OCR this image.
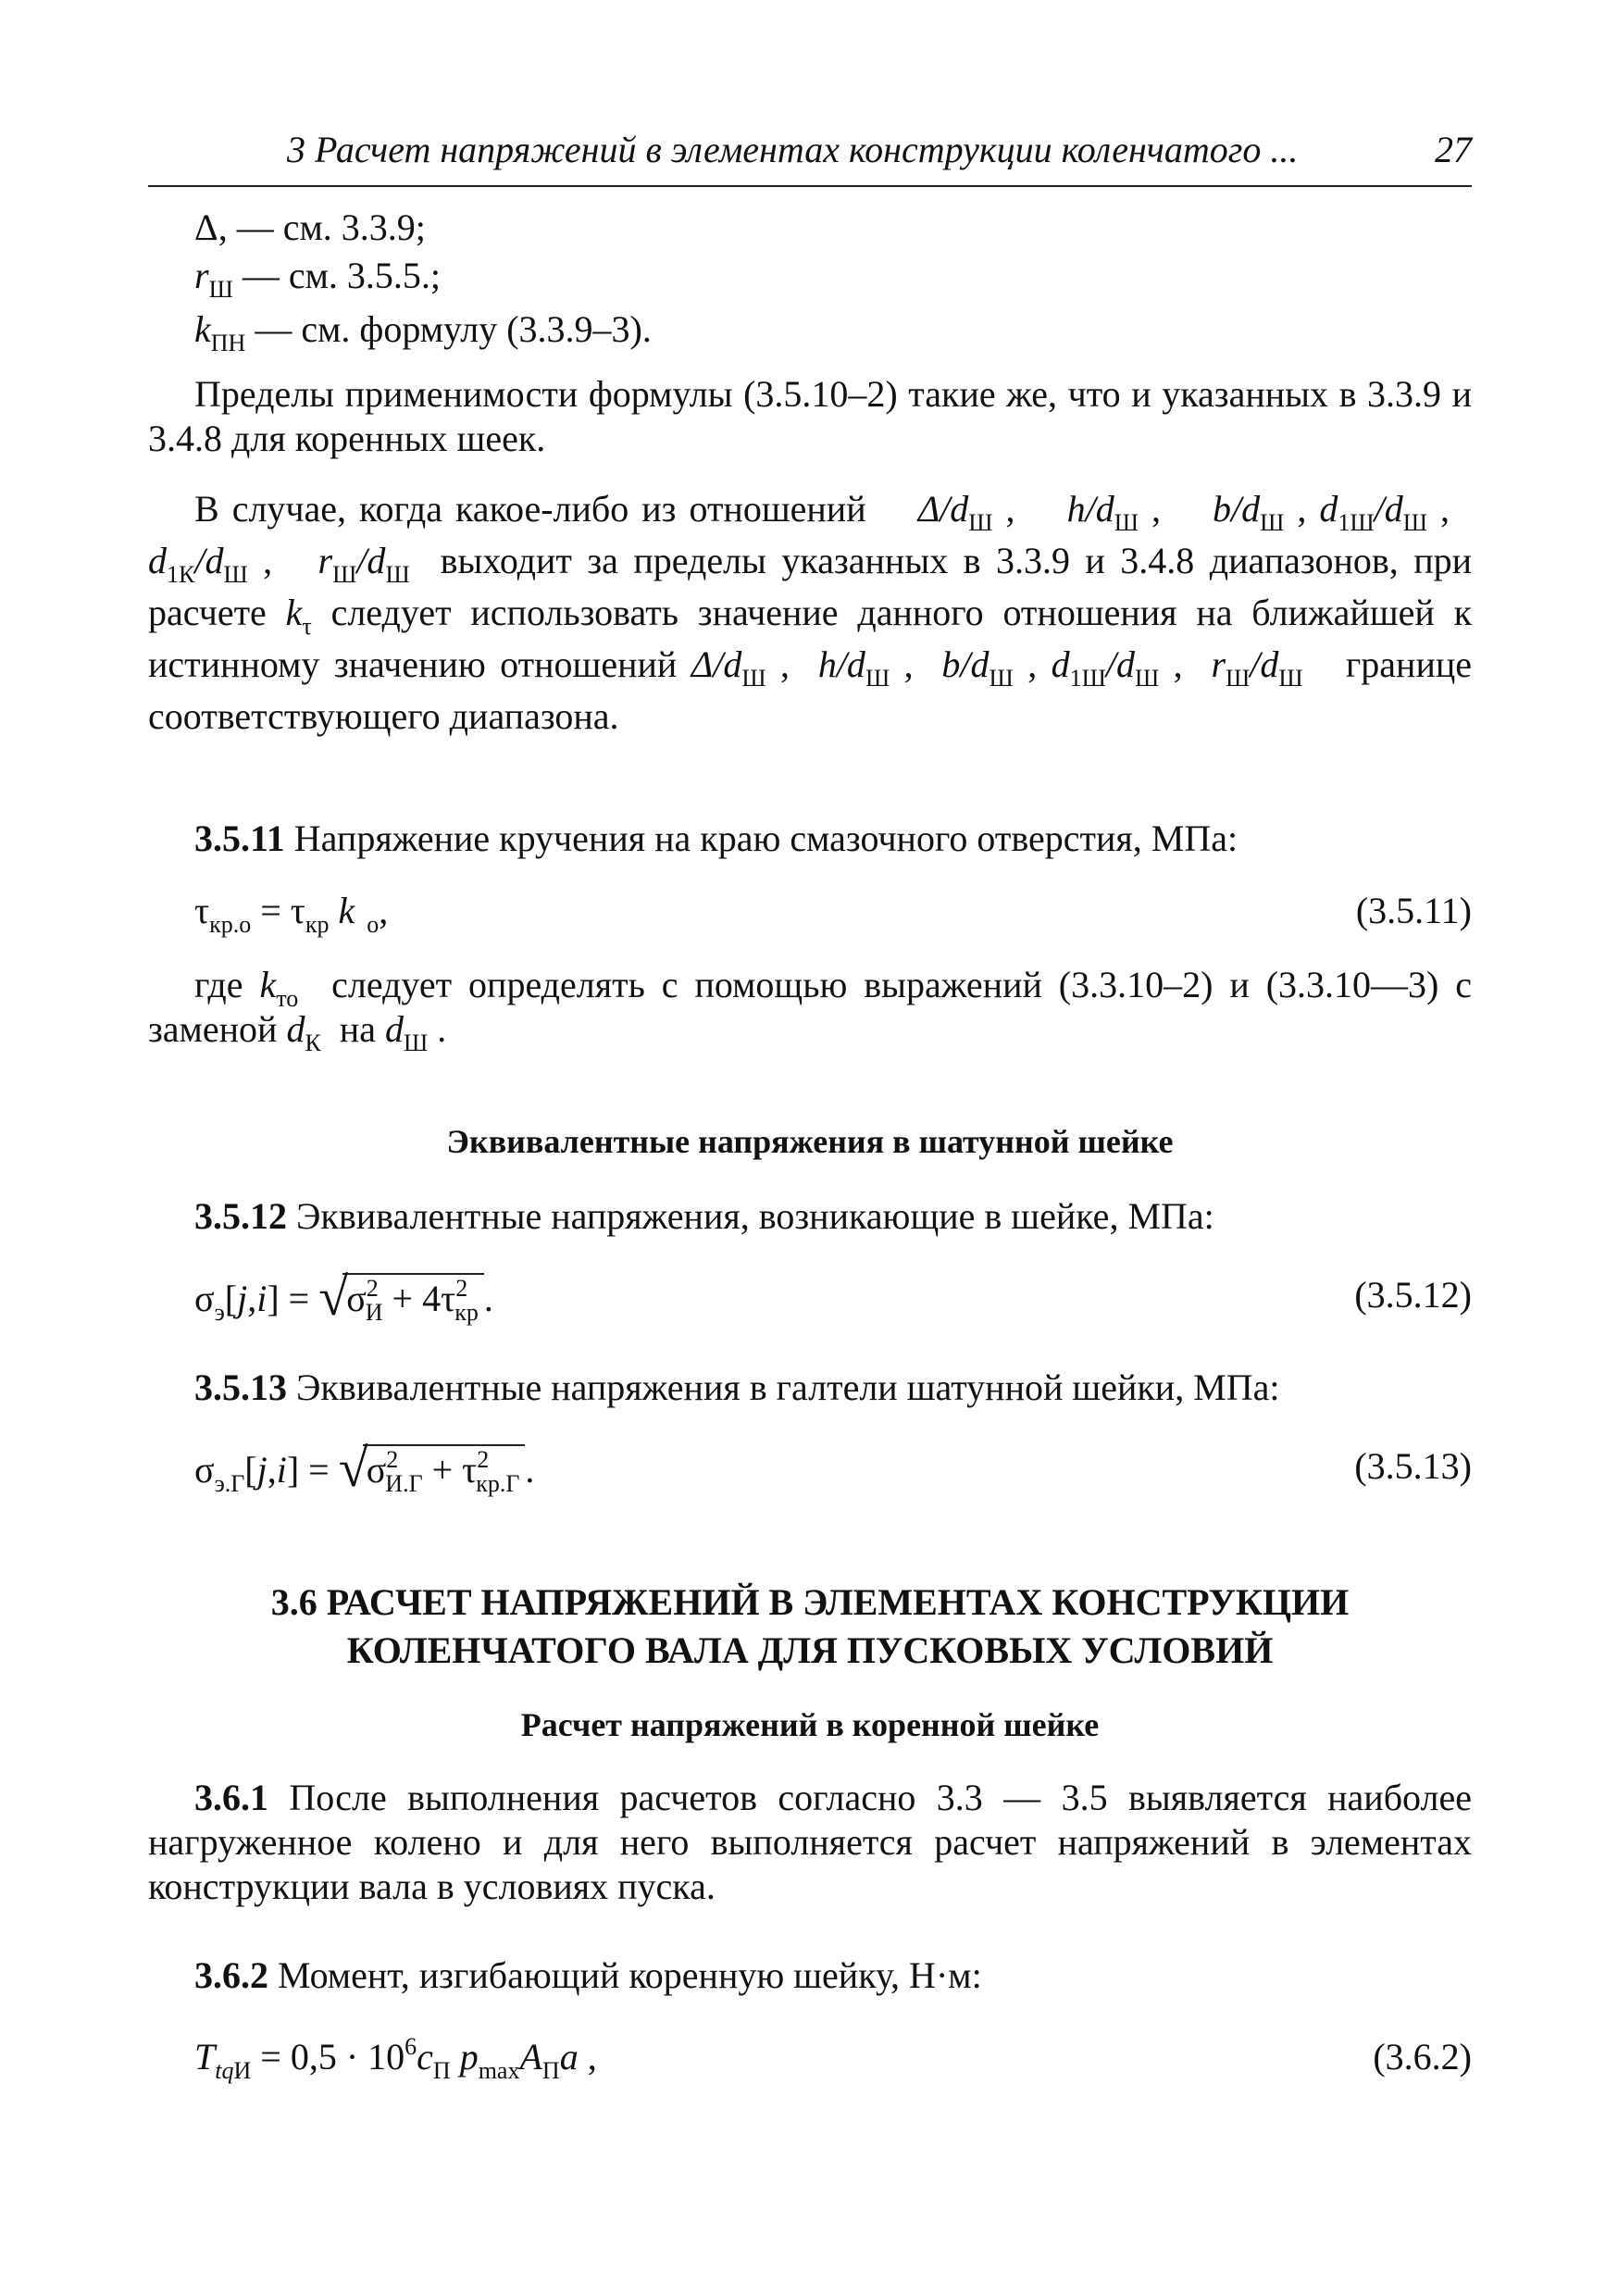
3 Расчет напряжений в элементах конструкции коленчатого ...	27
Δ, — см. 3.3.9;
$r_Ш$ — см. 3.5.5.;
$k_{ПН}$ — см. формулу (3.3.9–3).

Пределы применимости формулы (3.5.10–2) такие же, что и указанных в 3.3.9 и 3.4.8 для коренных шеек.

В случае, когда какое-либо из отношений $\Delta/d_Ш$ ,    $h/d_Ш$ ,    $b/d_Ш$ , $d_{1Ш}/d_Ш$ ,   $d_{1К}/d_Ш$ ,   $r_Ш/d_Ш$ выходит за пределы указанных в 3.3.9 и 3.4.8 диапазонов, при расчете $k_\tau$ следует использовать значение данного отношения на ближайшей к истинному значению отношений $\Delta/d_Ш$ ,  $h/d_Ш$ ,  $b/d_Ш$ , $d_{1Ш}/d_Ш$ ,  $r_Ш/d_Ш$ границе соответствующего диапазона.
3.5.11 Напряжение кручения на краю смазочного отверстия, МПа:
$\tau_{кр.о} = \tau_{кр}$ k  $_о$,	(3.5.11)
где $k_{то}$ следует определять с помощью выражений (3.3.10–2) и (3.3.10—3) с заменой $d_К$ на $d_Ш$ .
Эквивалентные напряжения в шатунной шейке
3.5.12 Эквивалентные напряжения, возникающие в шейке, МПа:
$\sigma_э[j,i]$ = √
$\sigma^2_И + 4\tau^2_{кр}$ .	(3.5.12)
3.5.13 Эквивалентные напряжения в галтели шатунной шейки, МПа:
$\sigma_{э.Г}[j,i]$ = √
$\sigma^2_{И.Г} + \tau^2_{кр.Г}$ .	(3.5.13)
3.6 РАСЧЕТ НАПРЯЖЕНИЙ В ЭЛЕМЕНТАХ КОНСТРУКЦИИ
КОЛЕНЧАТОГО ВАЛА ДЛЯ ПУСКОВЫХ УСЛОВИЙ
Расчет напряжений в коренной шейке
3.6.1 После выполнения расчетов согласно 3.3 — 3.5 выявляется наиболее нагруженное колено и для него выполняется расчет напряжений в элементах конструкции вала в условиях пуска.
3.6.2 Момент, изгибающий коренную шейку, Н·м:
$T_{tqИ} = 0,5 \cdot 10^6c_П$ $p_{max}A_Пa$ ,	(3.6.2)
